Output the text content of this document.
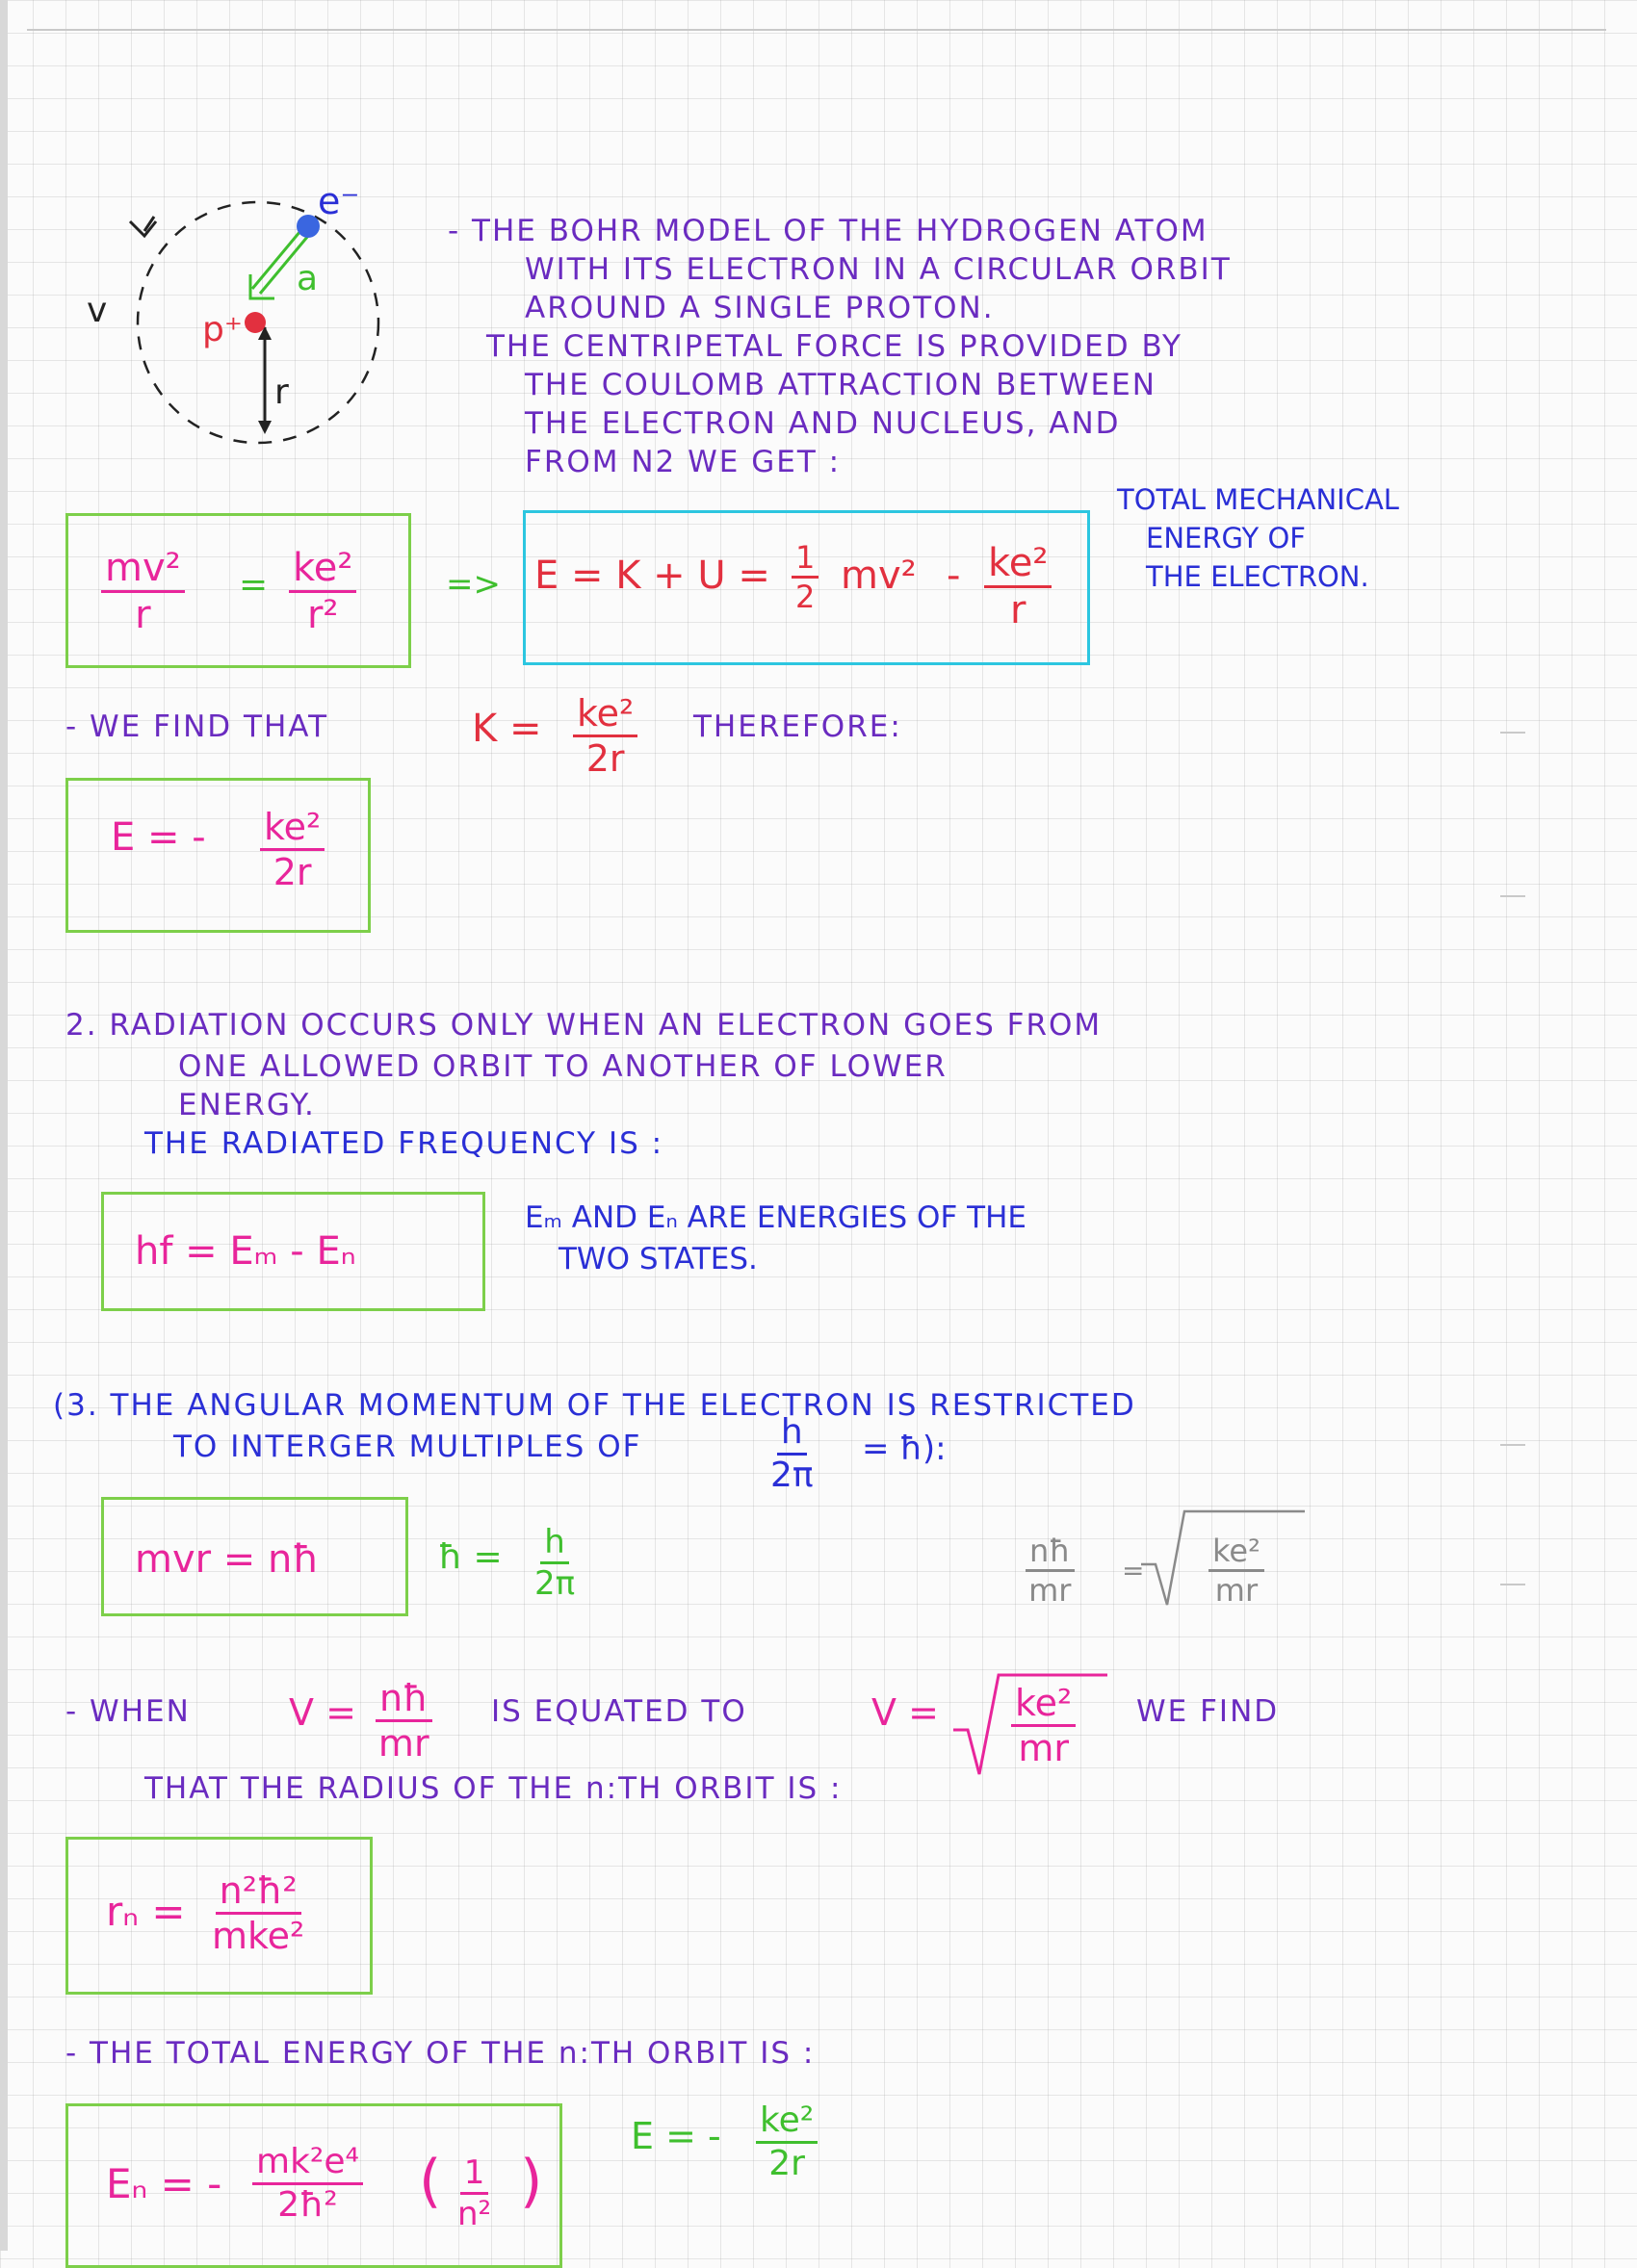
e⁻
v
a
p⁺
r
- THE BOHR MODEL OF THE HYDROGEN ATOM
WITH ITS ELECTRON IN A CIRCULAR ORBIT
AROUND A SINGLE PROTON.
THE CENTRIPETAL FORCE IS PROVIDED BY
THE COULOMB ATTRACTION BETWEEN
THE ELECTRON AND NUCLEUS, AND
FROM N2 WE GET :
$\frac{\text{mv²}}{r} = \frac{\text{ke²}}{\text{r²}}$	=> $E = K + U = \frac{1}{2} mv^2 - \frac{\text{ke²}}{r}$
TOTAL MECHANICAL
ENERGY OF
THE ELECTRON.
- WE FIND THAT	$K = \frac{\text{ke²}}{2r}$ THEREFORE:
E = - $\frac{\text{ke²}}{2r}$
2. RADIATION OCCURS ONLY WHEN AN ELECTRON GOES FROM
ONE ALLOWED ORBIT TO ANOTHER OF LOWER
ENERGY.
THE RADIATED FREQUENCY IS :
hf = Eₘ - Eₙ
Eₘ AND Eₙ ARE ENERGIES OF THE
TWO STATES.
(3. THE ANGULAR MOMENTUM OF THE ELECTRON IS RESTRICTED
TO INTERGER MULTIPLES OF	$\frac{h}{2\pi}$ = ħ):
mvr = nħ	ħ = $\frac{h}{2\pi}$	$\frac{nħ}{mr} = \frac{\text{ke²}}{mr}$
- WHEN	$V = \frac{nħ}{mr}$ IS EQUATED TO	$V = \frac{\text{ke²}}{mr}$ WE FIND
THAT THE RADIUS OF THE n:TH ORBIT IS :
rₙ = n²ħ²
mke²
- THE TOTAL ENERGY OF THE n:TH ORBIT IS :
Eₙ = - $\frac{\text{mk²e⁴}}{\text{2ħ²}}$ ( $\frac{1}{\text{n²}}$ )
E = - $\frac{\text{ke²}}{2r}$
